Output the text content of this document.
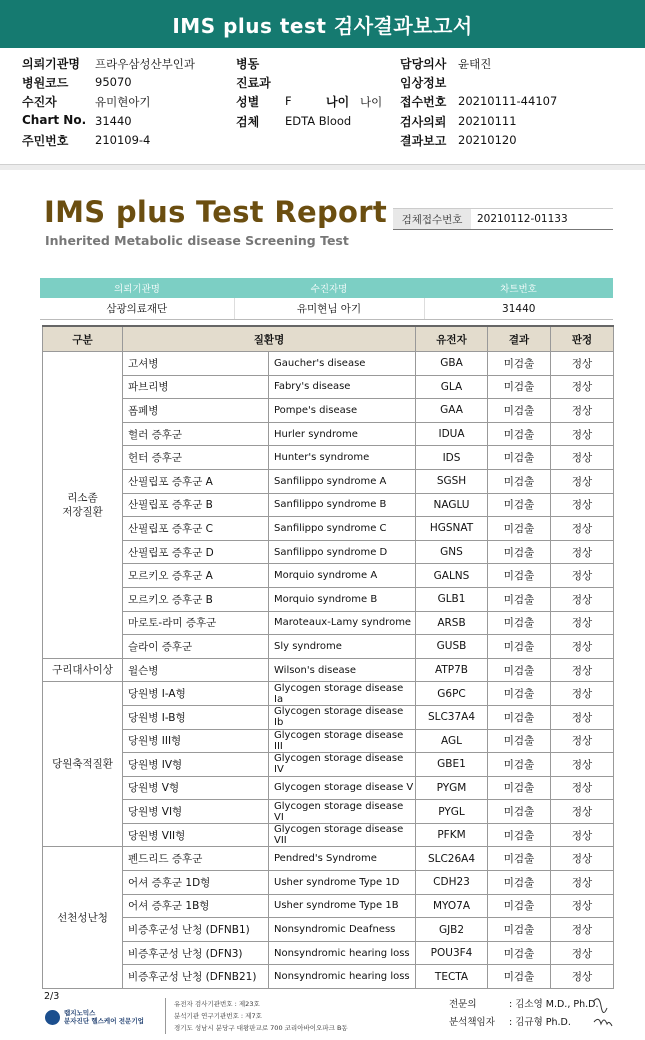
IMS plus test 검사결과보고서
의뢰기관명 프라우삼성산부인과
병원코드 95070
수진자	유미현아기
Chart No. 31440
주민번호 210109-4
병동
진료과
성별 F	나이 나이
검체 EDTA Blood
담당의사 윤태진
임상정보
접수번호 20210111-44107
검사의뢰 20210111
결과보고 20210120
IMS plus Test Report
Inherited Metabolic disease Screening Test
검체접수번호	20210112-01133
의뢰기관명	수진자명	차트번호
삼광의료재단	유미현님 아기	31440
구분	질환명		유전자	결과	판정
리소좀
저장질환	고셔병	Gaucher's disease	GBA	미검출	정상
	파브리병	Fabry's disease	GLA	미검출	정상
	폼페병	Pompe's disease	GAA	미검출	정상
	헐러 증후군	Hurler syndrome	IDUA	미검출	정상
	헌터 증후군	Hunter's syndrome	IDS	미검출	정상
	산필립포 증후군 A	Sanfilippo syndrome A	SGSH	미검출	정상
	산필립포 증후군 B	Sanfilippo syndrome B	NAGLU	미검출	정상
	산필립포 증후군 C	Sanfilippo syndrome C	HGSNAT	미검출	정상
	산필립포 증후군 D	Sanfilippo syndrome D	GNS	미검출	정상
	모르키오 증후군 A	Morquio syndrome A	GALNS	미검출	정상
	모르키오 증후군 B	Morquio syndrome B	GLB1	미검출	정상
	마로토-라미 증후군	Maroteaux-Lamy syndrome	ARSB	미검출	정상
	슬라이 증후군	Sly syndrome	GUSB	미검출	정상
구리대사이상	윌슨병	Wilson's disease	ATP7B	미검출	정상
당원축적질환	당원병 I-A형	Glycogen storage disease Ia	G6PC	미검출	정상
	당원병 I-B형	Glycogen storage disease Ib	SLC37A4	미검출	정상
	당원병 III형	Glycogen storage disease III	AGL	미검출	정상
	당원병 IV형	Glycogen storage disease IV	GBE1	미검출	정상
	당원병 V형	Glycogen storage disease V	PYGM	미검출	정상
	당원병 VI형	Glycogen storage disease VI	PYGL	미검출	정상
	당원병 VII형	Glycogen storage disease VII	PFKM	미검출	정상
선천성난청	펜드리드 증후군	Pendred's Syndrome	SLC26A4	미검출	정상
	어셔 증후군 1D형	Usher syndrome Type 1D	CDH23	미검출	정상
	어셔 증후군 1B형	Usher syndrome Type 1B	MYO7A	미검출	정상
	비증후군성 난청 (DFNB1)	Nonsyndromic Deafness	GJB2	미검출	정상
	비증후군성 난청 (DFN3)	Nonsyndromic hearing loss	POU3F4	미검출	정상
	비증후군성 난청 (DFNB21)	Nonsyndromic hearing loss	TECTA	미검출	정상
2/3
랩지노믹스
분자진단 헬스케어 전문기업
유전자 검사기관번호 : 제23호
분석기관 연구기관번호 : 제7호
경기도 성남시 분당구 대왕판교로 700 코리아바이오파크 B동
전문의	: 김소영 M.D., Ph.D.
분석책임자	: 김규형 Ph.D.
